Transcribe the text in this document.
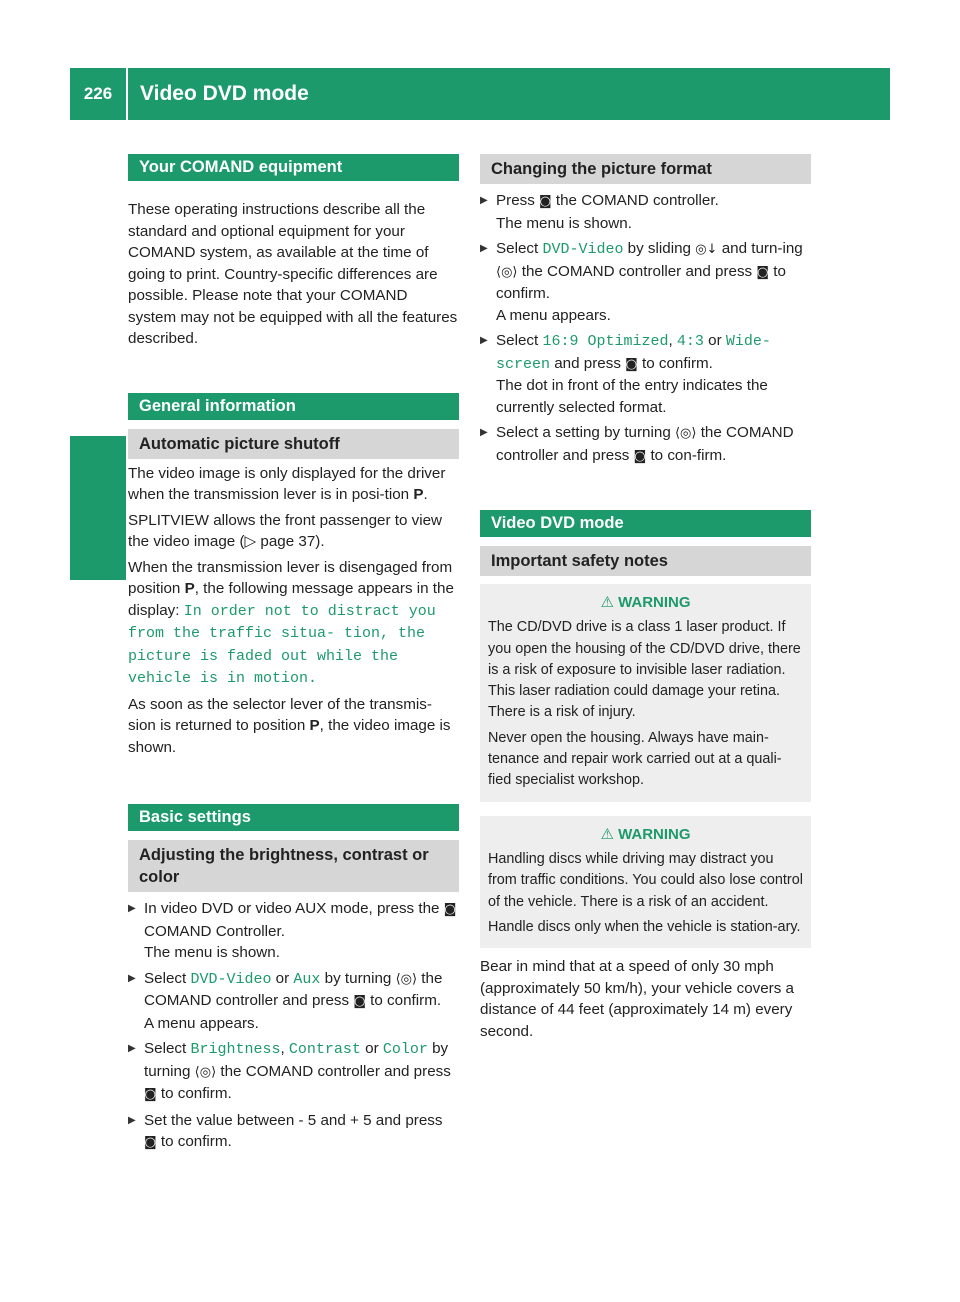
226	Video DVD mode
Video
Your COMAND equipment

These operating instructions describe all the standard and optional equipment for your COMAND system, as available at the time of going to print. Country-specific differences are possible. Please note that your COMAND system may not be equipped with all the features described.

General information
Automatic picture shutoff

The video image is only displayed for the driver when the transmission lever is in posi-tion P.

SPLITVIEW allows the front passenger to view the video image (▷ page 37).

When the transmission lever is disengaged from position P, the following message appears in the display: In order not to distract you from the traffic situa‐ tion, the picture is faded out while the vehicle is in motion.

As soon as the selector lever of the transmis-sion is returned to position P, the video image is shown.

Basic settings
Adjusting the brightness, contrast or color

▶ In video DVD or video AUX mode, press the ◙ COMAND Controller.
The menu is shown.

▶ Select DVD-Video or Aux by turning ⟨◎⟩ the COMAND controller and press ◙ to confirm.
A menu appears.

▶ Select Brightness, Contrast or Color by turning ⟨◎⟩ the COMAND controller and press ◙ to confirm.

▶ Set the value between - 5 and + 5 and press ◙ to confirm.

Changing the picture format

▶ Press ◙ the COMAND controller.
The menu is shown.

▶ Select DVD-Video by sliding ◎↓ and turn-ing ⟨◎⟩ the COMAND controller and press ◙ to confirm.
A menu appears.

▶ Select 16:9 Optimized, 4:3 or Wide‐ screen and press ◙ to confirm.
The dot in front of the entry indicates the currently selected format.

▶ Select a setting by turning ⟨◎⟩ the COMAND controller and press ◙ to con-firm.

Video DVD mode
Important safety notes
⚠ WARNING

The CD/DVD drive is a class 1 laser product. If you open the housing of the CD/DVD drive, there is a risk of exposure to invisible laser radiation. This laser radiation could damage your retina. There is a risk of injury.

Never open the housing. Always have main-tenance and repair work carried out at a quali-fied specialist workshop.

⚠ WARNING

Handling discs while driving may distract you from traffic conditions. You could also lose control of the vehicle. There is a risk of an accident.

Handle discs only when the vehicle is station-ary.

Bear in mind that at a speed of only 30 mph (approximately 50 km/h), your vehicle covers a distance of 44 feet (approximately 14 m) every second.
